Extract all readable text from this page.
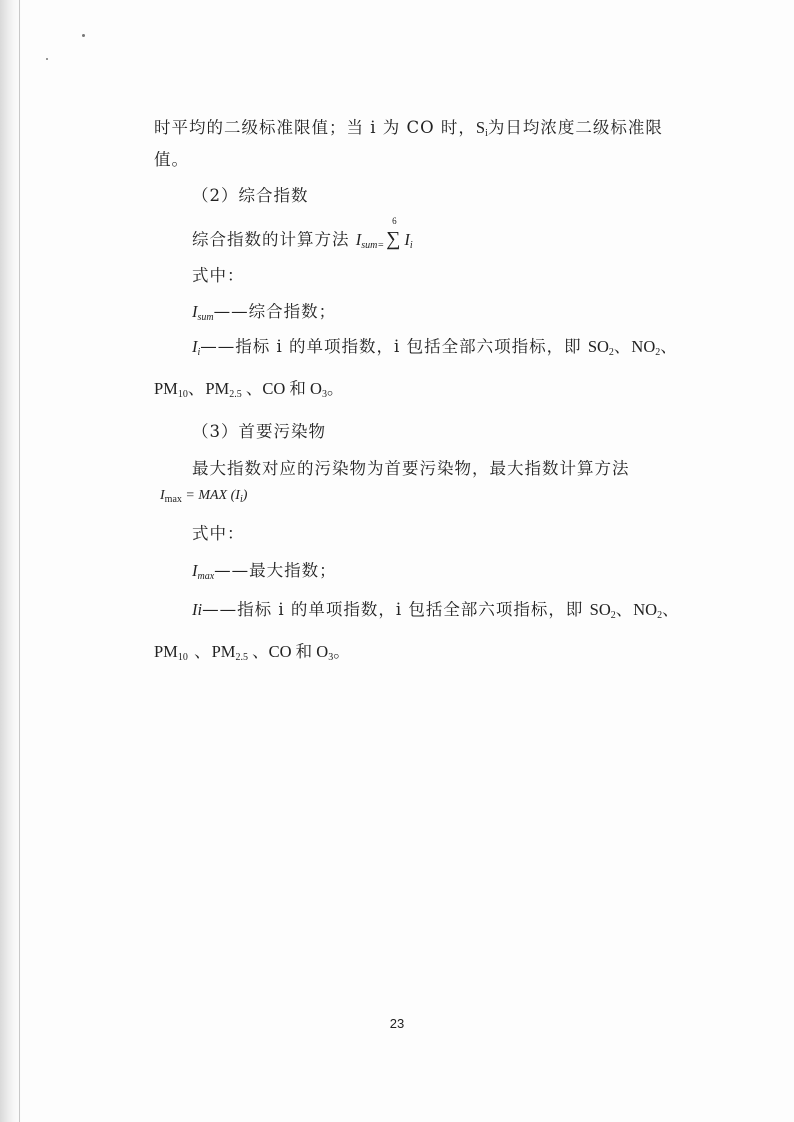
时平均的二级标准限值；当 i 为 CO 时，$S_i$为日均浓度二级标准限
值。
（2）综合指数
综合指数的计算方法 $I_{sum=}$
6
∑ $I_i$
式中：
$I_{sum}——$综合指数；
$I_i——$指标 i 的单项指数，i 包括全部六项指标，即 $SO_2$、$NO_2$、
$PM_{10}$、$PM_{2.5}$ 、CO 和 $O_3$。
（3）首要污染物
最大指数对应的污染物为首要污染物，最大指数计算方法
$I_{max}$ = MAX $(I_i)$
式中：
$I_{max}——$最大指数；
Ii——指标 i 的单项指数，i 包括全部六项指标，即 $SO_2$、$NO_2$、
$PM_{10}$ 、$PM_{2.5}$ 、CO 和 $O_3$。
23
